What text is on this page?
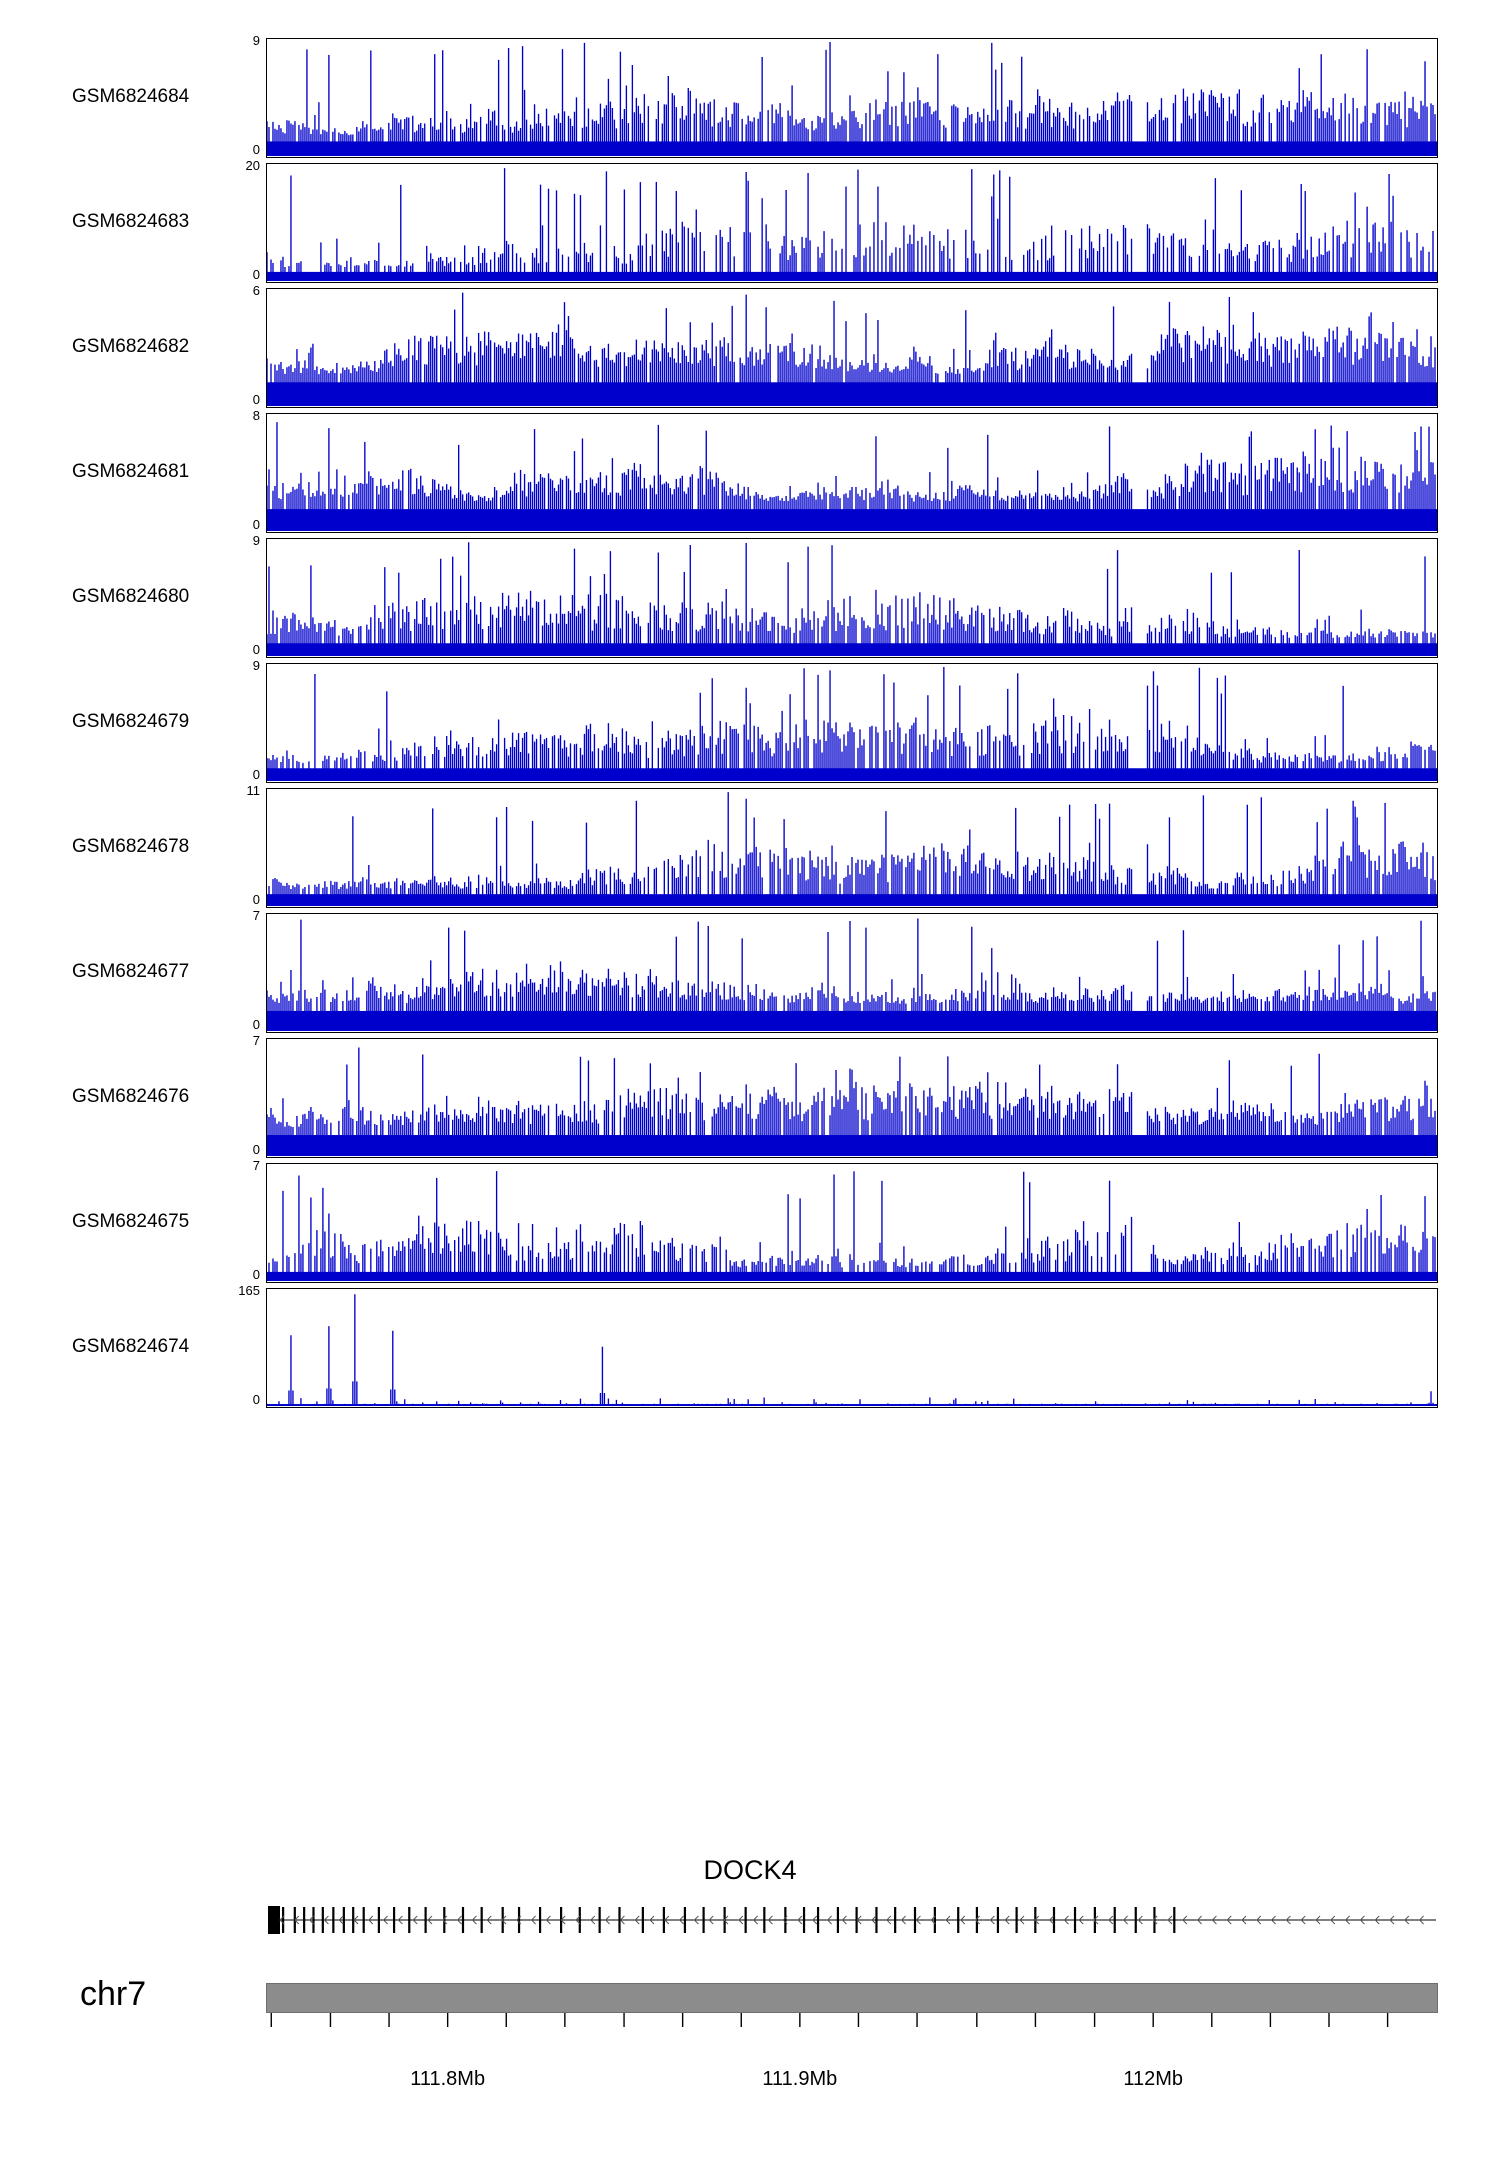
GSM6824684
9
0
GSM6824683
20
0
GSM6824682
6
0
GSM6824681
8
0
GSM6824680
9
0
GSM6824679
9
0
GSM6824678
11
0
GSM6824677
7
0
GSM6824676
7
0
GSM6824675
7
0
GSM6824674
165
0
DOCK4
chr7
111.8Mb	111.9Mb	112Mb
